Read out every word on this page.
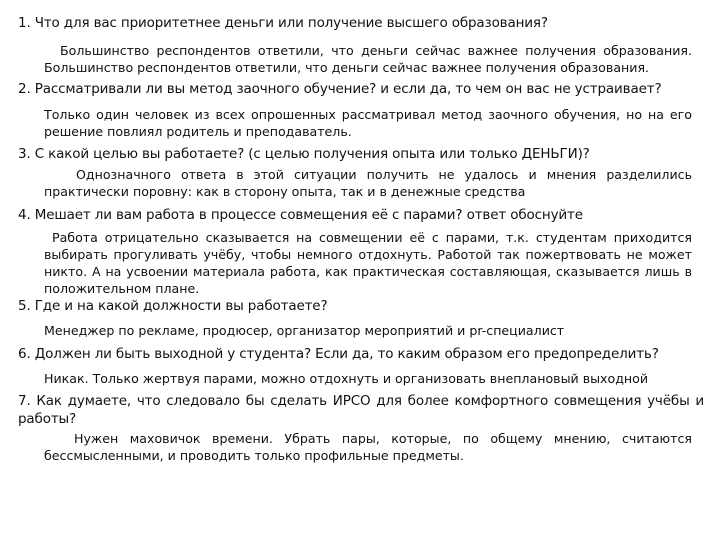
1. Что для вас приоритетнее деньги или получение высшего образования?
Большинство респондентов ответили, что деньги сейчас важнее получения образования. Большинство респондентов ответили, что деньги сейчас важнее получения образования.
2. Рассматривали ли вы метод заочного обучение? и если да, то чем он вас не устраивает?
Только один человек из всех опрошенных рассматривал метод заочного обучения, но на его решение повлиял родитель и преподаватель.
3. С какой целью вы работаете? (с целью получения опыта или только ДЕНЬГИ)?
Однозначного ответа в этой ситуации получить не удалось и мнения разделились практически поровну: как в сторону опыта, так и в денежные средства
4. Мешает ли вам работа в процессе совмещения её с парами? ответ обоснуйте
Работа отрицательно сказывается на совмещении её с парами, т.к. студентам приходится выбирать прогуливать учёбу, чтобы немного отдохнуть. Работой так пожертвовать не может никто. А на усвоении материала работа, как практическая составляющая, сказывается лишь в положительном плане.
5. Где и на какой должности вы работаете?
Менеджер по рекламе, продюсер, организатор мероприятий и pr-специалист
6. Должен ли быть выходной у студента? Если да, то каким образом его предопределить?
Никак. Только жертвуя парами, можно отдохнуть и организовать внеплановый выходной
7. Как думаете, что следовало бы сделать ИРСО для более комфортного совмещения учёбы и работы?
Нужен маховичок времени. Убрать пары, которые, по общему мнению, считаются бессмысленными, и проводить только профильные предметы.
